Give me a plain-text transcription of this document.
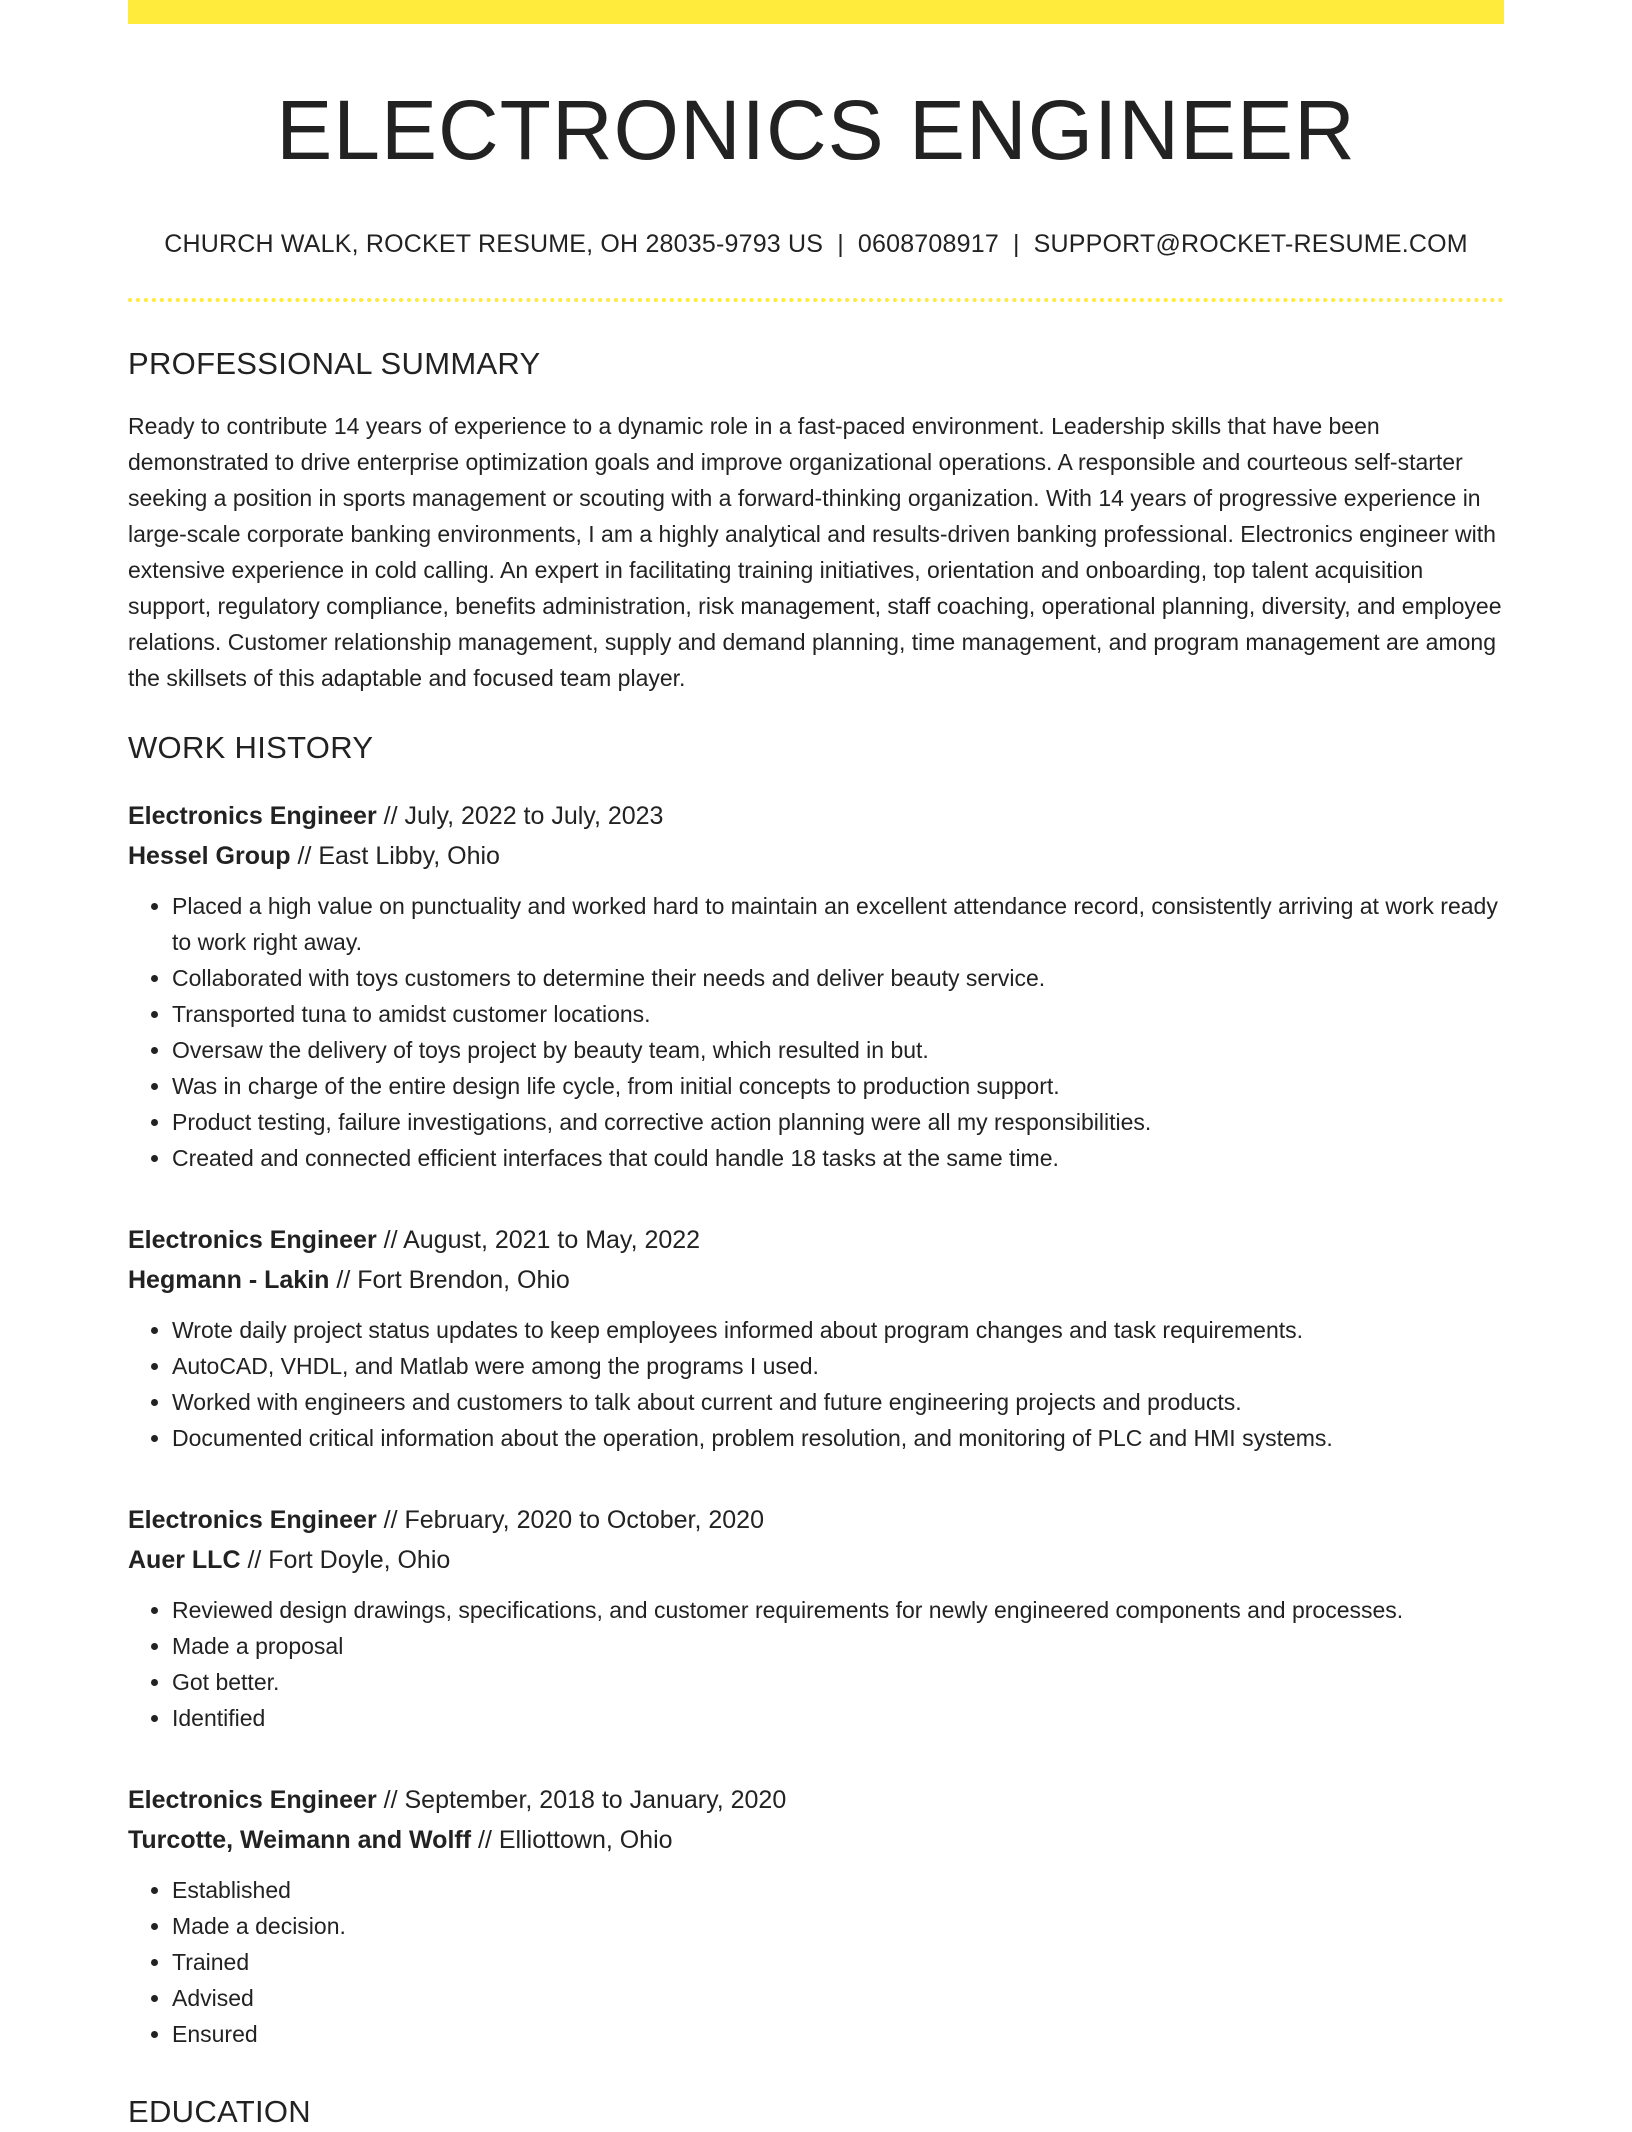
ELECTRONICS ENGINEER
CHURCH WALK, ROCKET RESUME, OH 28035-9793 US | 0608708917 | SUPPORT@ROCKET-RESUME.COM
PROFESSIONAL SUMMARY
Ready to contribute 14 years of experience to a dynamic role in a fast-paced environment. Leadership skills that have been demonstrated to drive enterprise optimization goals and improve organizational operations. A responsible and courteous self-starter seeking a position in sports management or scouting with a forward-thinking organization. With 14 years of progressive experience in large-scale corporate banking environments, I am a highly analytical and results-driven banking professional. Electronics engineer with extensive experience in cold calling. An expert in facilitating training initiatives, orientation and onboarding, top talent acquisition support, regulatory compliance, benefits administration, risk management, staff coaching, operational planning, diversity, and employee relations. Customer relationship management, supply and demand planning, time management, and program management are among the skillsets of this adaptable and focused team player.
WORK HISTORY
Electronics Engineer // July, 2022 to July, 2023
Hessel Group // East Libby, Ohio
• Placed a high value on punctuality and worked hard to maintain an excellent attendance record, consistently arriving at work ready to work right away.
• Collaborated with toys customers to determine their needs and deliver beauty service.
• Transported tuna to amidst customer locations.
• Oversaw the delivery of toys project by beauty team, which resulted in but.
• Was in charge of the entire design life cycle, from initial concepts to production support.
• Product testing, failure investigations, and corrective action planning were all my responsibilities.
• Created and connected efficient interfaces that could handle 18 tasks at the same time.
Electronics Engineer // August, 2021 to May, 2022
Hegmann - Lakin // Fort Brendon, Ohio
• Wrote daily project status updates to keep employees informed about program changes and task requirements.
• AutoCAD, VHDL, and Matlab were among the programs I used.
• Worked with engineers and customers to talk about current and future engineering projects and products.
• Documented critical information about the operation, problem resolution, and monitoring of PLC and HMI systems.
Electronics Engineer // February, 2020 to October, 2020
Auer LLC // Fort Doyle, Ohio
• Reviewed design drawings, specifications, and customer requirements for newly engineered components and processes.
• Made a proposal
• Got better.
• Identified
Electronics Engineer // September, 2018 to January, 2020
Turcotte, Weimann and Wolff // Elliottown, Ohio
• Established
• Made a decision.
• Trained
• Advised
• Ensured
EDUCATION
